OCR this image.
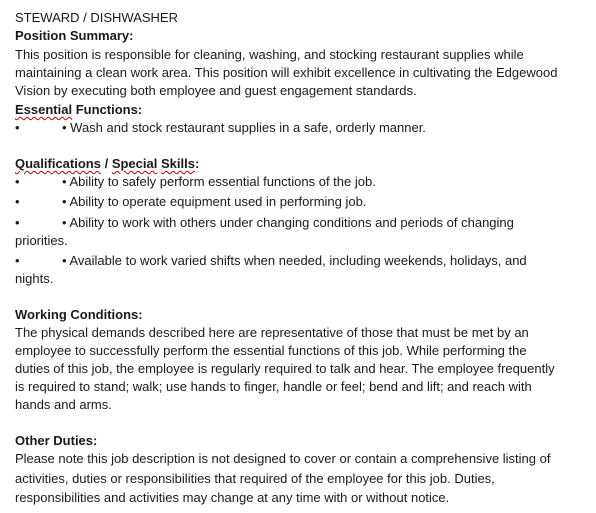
STEWARD / DISHWASHER
Position Summary:
This position is responsible for cleaning, washing, and stocking restaurant supplies while
maintaining a clean work area. This position will exhibit excellence in cultivating the Edgewood
Vision by executing both employee and guest engagement standards.
Essential Functions:
•	• Wash and stock restaurant supplies in a safe, orderly manner.
Qualifications / Special Skills:
•	• Ability to safely perform essential functions of the job.
•	• Ability to operate equipment used in performing job.
•	• Ability to work with others under changing conditions and periods of changing
priorities.
•	• Available to work varied shifts when needed, including weekends, holidays, and
nights.
Working Conditions:
The physical demands described here are representative of those that must be met by an
employee to successfully perform the essential functions of this job. While performing the
duties of this job, the employee is regularly required to talk and hear. The employee frequently
is required to stand; walk; use hands to finger, handle or feel; bend and lift; and reach with
hands and arms.
Other Duties:
Please note this job description is not designed to cover or contain a comprehensive listing of
activities, duties or responsibilities that required of the employee for this job. Duties,
responsibilities and activities may change at any time with or without notice.
